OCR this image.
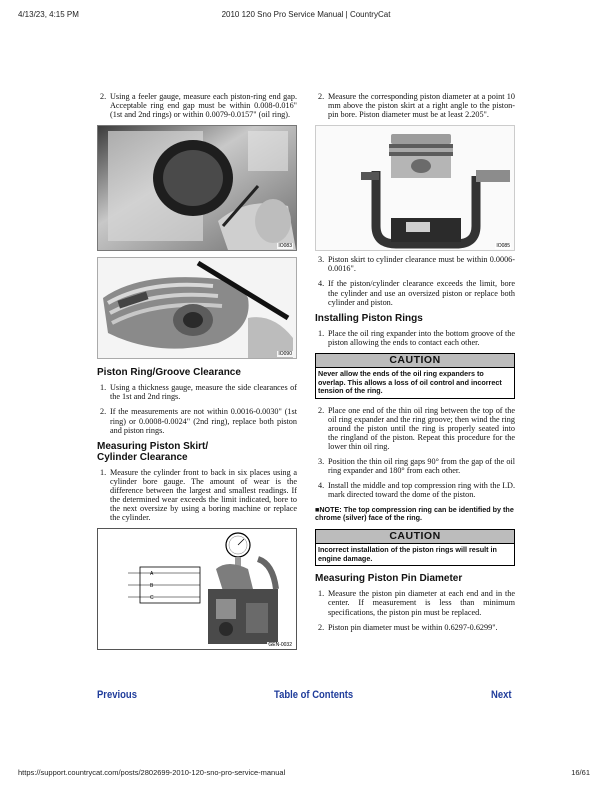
4/13/23, 4:15 PM	2010 120 Sno Pro Service Manual | CountryCat
2. Using a feeler gauge, measure each piston-ring end gap. Acceptable ring end gap must be within 0.008-0.016" (1st and 2nd rings) or within 0.0079-0.0157" (oil ring).
IO083
IO090
Piston Ring/Groove Clearance
1. Using a thickness gauge, measure the side clearances of the 1st and 2nd rings.
2. If the measurements are not within 0.0016-0.0030" (1st ring) or 0.0008-0.0024" (2nd ring), replace both piston and piston rings.
Measuring Piston Skirt/
Cylinder Clearance
1. Measure the cylinder front to back in six places using a cylinder bore gauge. The amount of wear is the difference between the largest and smallest readings. If the determined wear exceeds the limit indicated, bore to the next oversize by using a boring machine or replace the cylinder.
A
B
C
GEN-0032
2. Measure the corresponding piston diameter at a point 10 mm above the piston skirt at a right angle to the piston-pin bore. Piston diameter must be at least 2.205".
IO085
3. Piston skirt to cylinder clearance must be within 0.0006-0.0016".
4. If the piston/cylinder clearance exceeds the limit, bore the cylinder and use an oversized piston or replace both cylinder and piston.
Installing Piston Rings
1. Place the oil ring expander into the bottom groove of the piston allowing the ends to contact each other.
CAUTION
Never allow the ends of the oil ring expanders to overlap. This allows a loss of oil control and incorrect tension of the ring.
2. Place one end of the thin oil ring between the top of the oil ring expander and the ring groove; then wind the ring around the piston until the ring is properly seated into the ringland of the piston. Repeat this procedure for the lower thin oil ring.
3. Position the thin oil ring gaps 90° from the gap of the oil ring expander and 180° from each other.
4. Install the middle and top compression ring with the I.D. mark directed toward the dome of the piston.
■NOTE: The top compression ring can be identified by the chrome (silver) face of the ring.
CAUTION
Incorrect installation of the piston rings will result in engine damage.
Measuring Piston Pin Diameter
1. Measure the piston pin diameter at each end and in the center. If measurement is less than minimum specifications, the piston pin must be replaced.
2. Piston pin diameter must be within 0.6297-0.6299".
Previous	Table of Contents	Next
https://support.countrycat.com/posts/2802699-2010-120-sno-pro-service-manual	16/61
